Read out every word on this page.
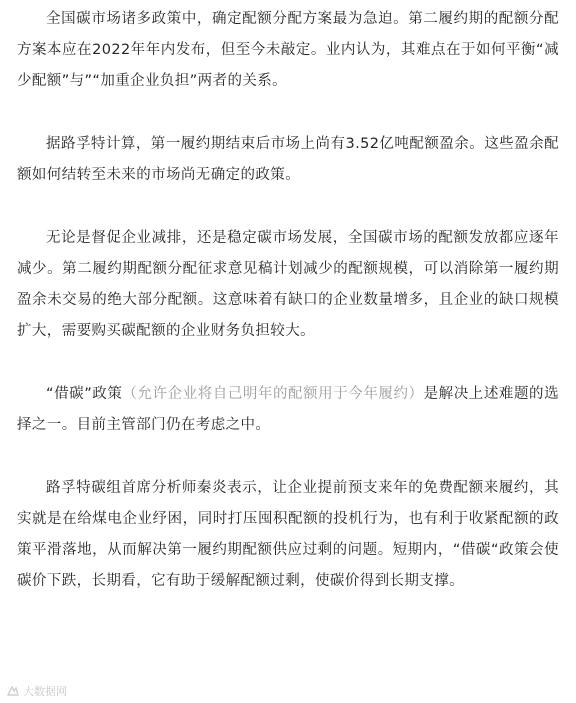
全国碳市场诸多政策中，确定配额分配方案最为急迫。第二履约期的配额分配方案本应在2022年年内发布，但至今未敲定。业内认为，其难点在于如何平衡“减少配额”与”“加重企业负担”两者的关系。

据路孚特计算，第一履约期结束后市场上尚有3.52亿吨配额盈余。这些盈余配额如何结转至未来的市场尚无确定的政策。

无论是督促企业减排，还是稳定碳市场发展，全国碳市场的配额发放都应逐年减少。第二履约期配额分配征求意见稿计划减少的配额规模，可以消除第一履约期盈余未交易的绝大部分配额。这意味着有缺口的企业数量增多，且企业的缺口规模扩大，需要购买碳配额的企业财务负担较大。

“借碳”政策（允许企业将自己明年的配额用于今年履约）是解决上述难题的选择之一。目前主管部门仍在考虑之中。

路孚特碳组首席分析师秦炎表示，让企业提前预支来年的免费配额来履约，其实就是在给煤电企业纾困，同时打压囤积配额的投机行为，也有利于收紧配额的政策平滑落地，从而解决第一履约期配额供应过剩的问题。短期内，“借碳“政策会使碳价下跌，长期看，它有助于缓解配额过剩，使碳价得到长期支撑。

大数据网
